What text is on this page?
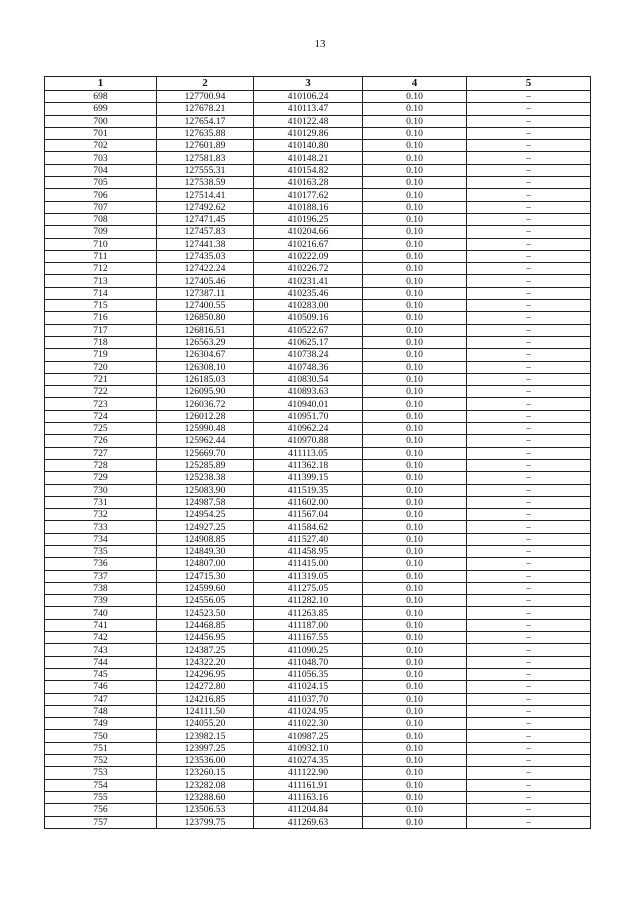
13
1	2	3	4	5
698	127700.94	410106.24	0.10	–
699	127678.21	410113.47	0.10	–
700	127654.17	410122.48	0.10	–
701	127635.88	410129.86	0.10	–
702	127601.89	410140.80	0.10	–
703	127581.83	410148.21	0.10	–
704	127555.31	410154.82	0.10	–
705	127538.59	410163.28	0.10	–
706	127514.41	410177.62	0.10	–
707	127492.62	410188.16	0.10	–
708	127471.45	410196.25	0.10	–
709	127457.83	410204.66	0.10	–
710	127441.38	410216.67	0.10	–
711	127435.03	410222.09	0.10	–
712	127422.24	410226.72	0.10	–
713	127405.46	410231.41	0.10	–
714	127387.11	410235.46	0.10	–
715	127400.55	410283.00	0.10	–
716	126850.80	410509.16	0.10	–
717	126816.51	410522.67	0.10	–
718	126563.29	410625.17	0.10	–
719	126304.67	410738.24	0.10	–
720	126308.10	410748.36	0.10	–
721	126185.03	410830.54	0.10	–
722	126095.90	410893.63	0.10	–
723	126036.72	410940.01	0.10	–
724	126012.28	410951.70	0.10	–
725	125990.48	410962.24	0.10	–
726	125962.44	410970.88	0.10	–
727	125669.70	411113.05	0.10	–
728	125285.89	411362.18	0.10	–
729	125238.38	411399.15	0.10	–
730	125083.90	411519.35	0.10	–
731	124987.58	411602.00	0.10	–
732	124954.25	411567.04	0.10	–
733	124927.25	411584.62	0.10	–
734	124908.85	411527.40	0.10	–
735	124849.30	411458.95	0.10	–
736	124807.00	411415.00	0.10	–
737	124715.30	411319.05	0.10	–
738	124599.60	411275.05	0.10	–
739	124556.05	411282.10	0.10	–
740	124523.50	411263.85	0.10	–
741	124468.85	411187.00	0.10	–
742	124456.95	411167.55	0.10	–
743	124387.25	411090.25	0.10	–
744	124322.20	411048.70	0.10	–
745	124296.95	411056.35	0.10	–
746	124272.80	411024.15	0.10	–
747	124216.85	411037.70	0.10	–
748	124111.50	411024.95	0.10	–
749	124055.20	411022.30	0.10	–
750	123982.15	410987.25	0.10	–
751	123997.25	410932.10	0.10	–
752	123536.00	410274.35	0.10	–
753	123260.15	411122.90	0.10	–
754	123282.08	411161.91	0.10	–
755	123288.60	411163.16	0.10	–
756	123506.53	411204.84	0.10	–
757	123799.75	411269.63	0.10	–
